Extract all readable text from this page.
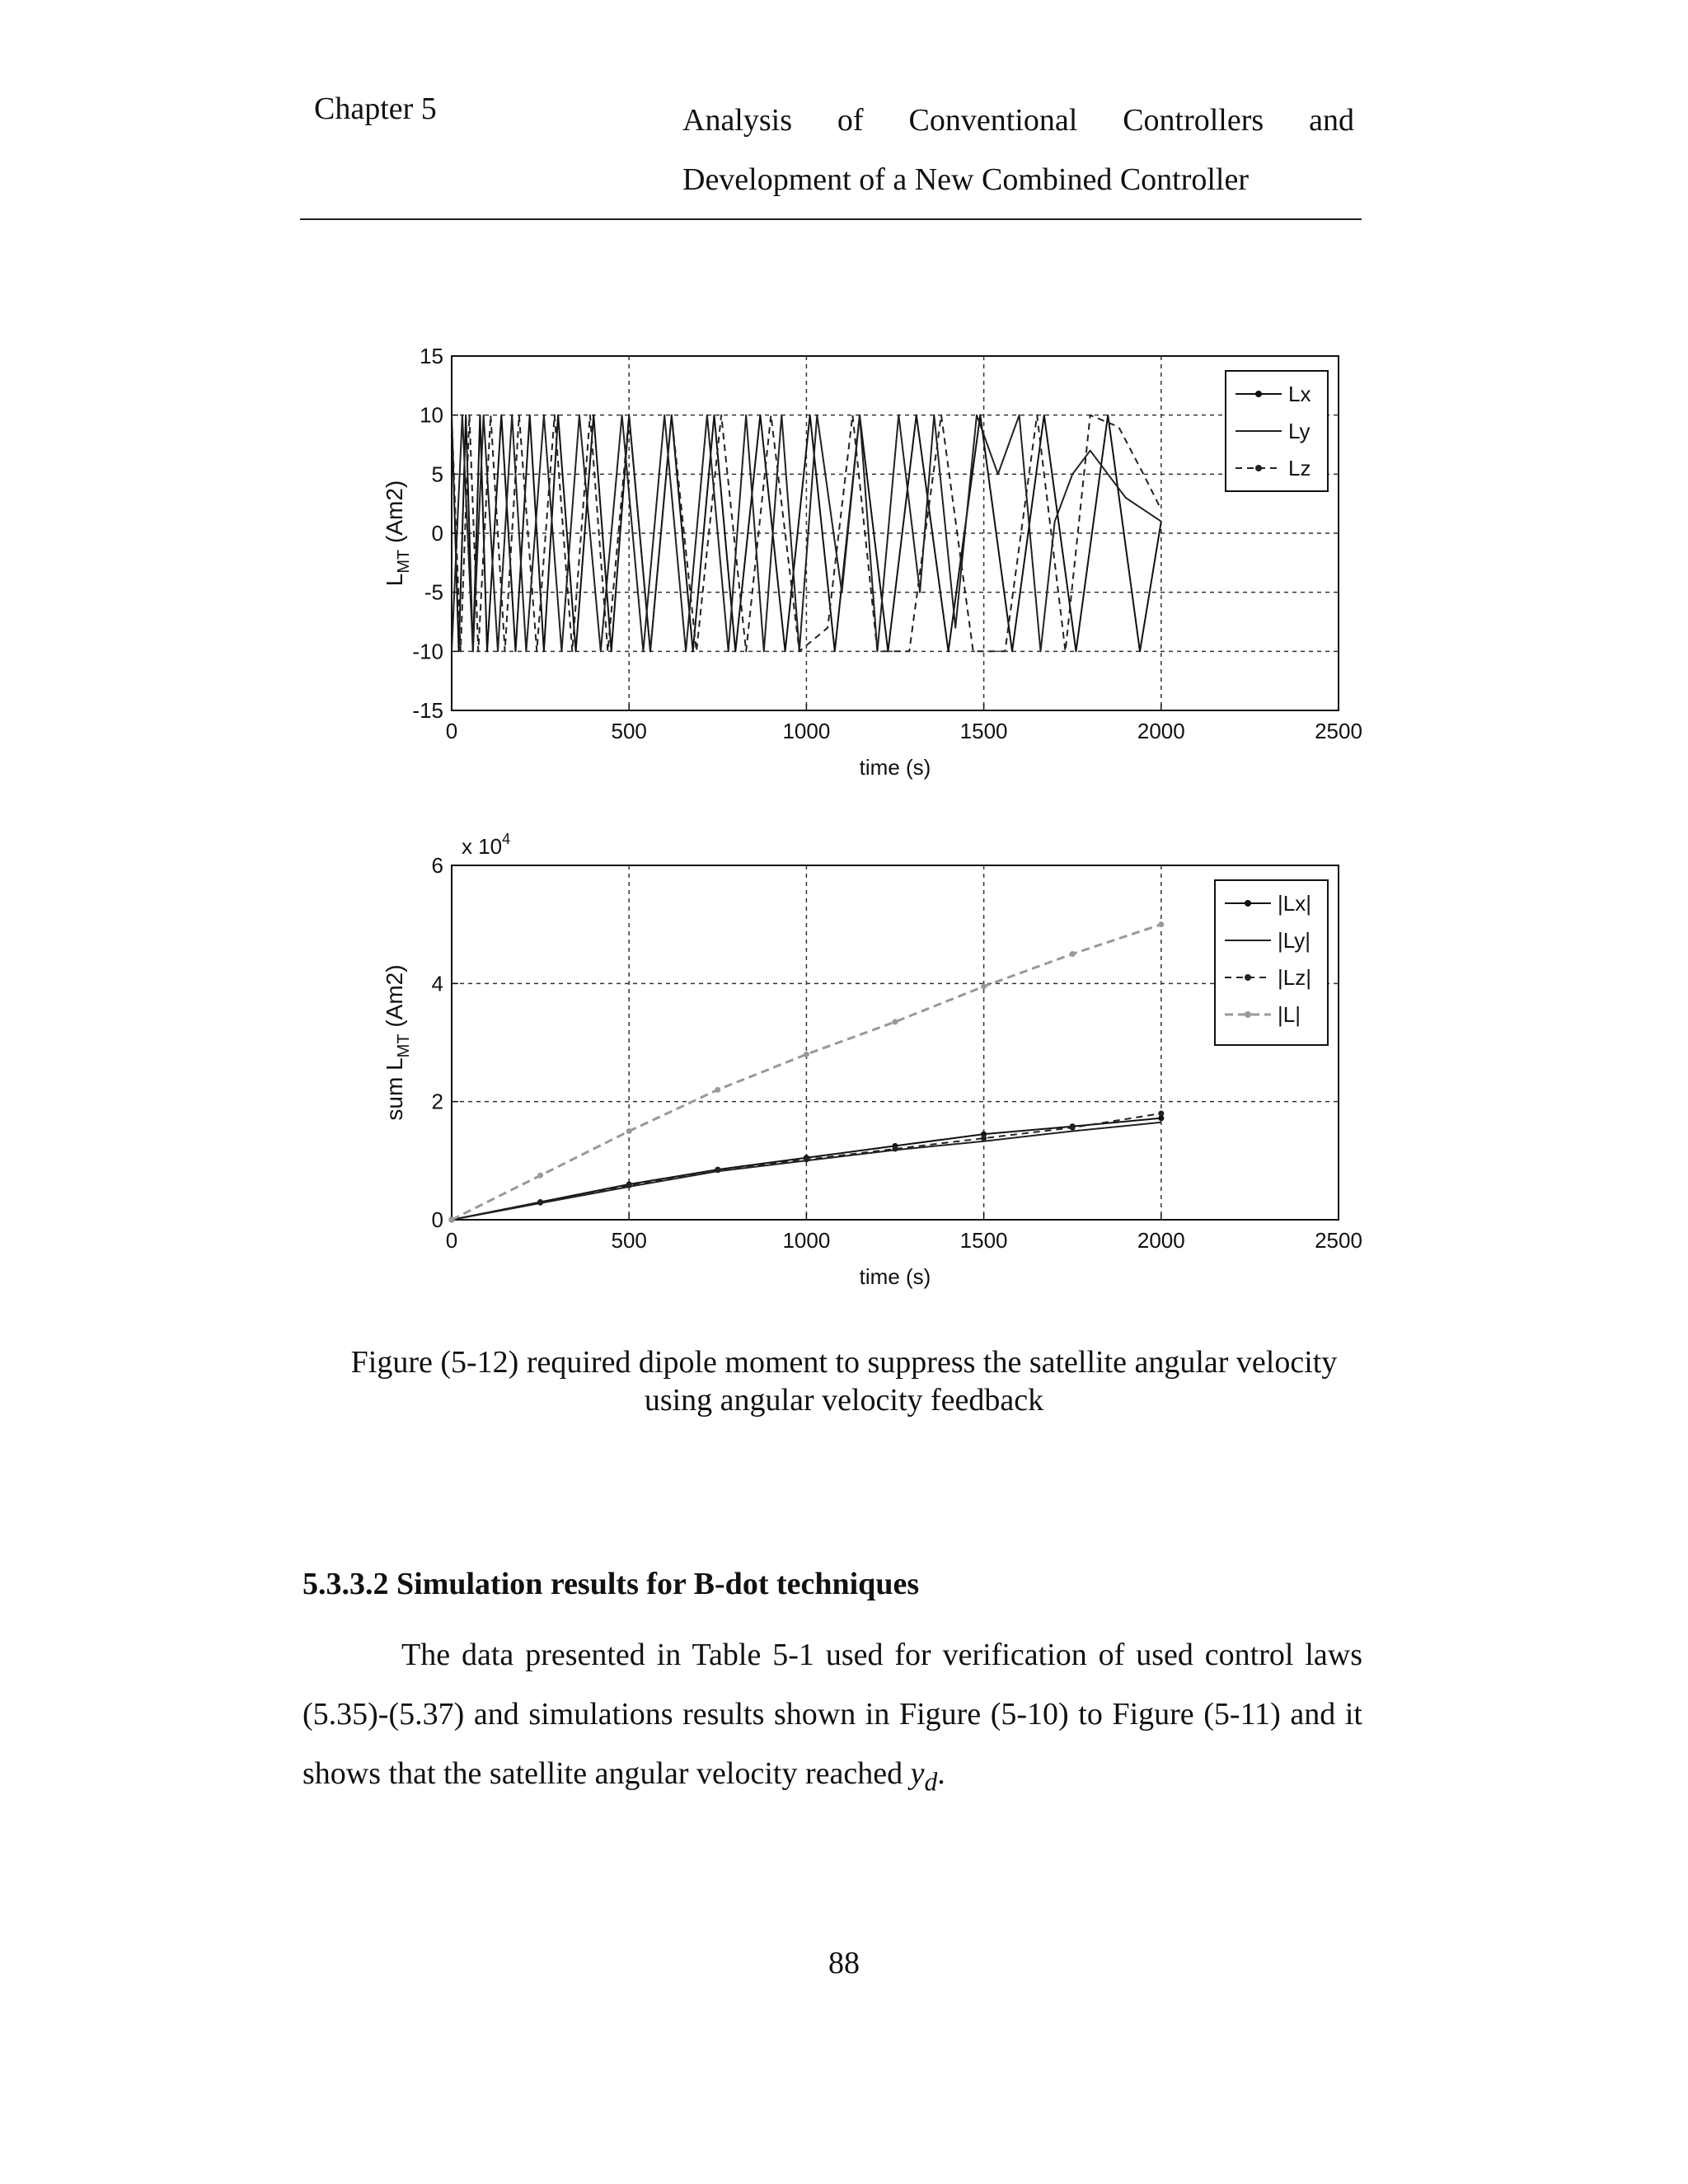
Chapter 5	Analysis of Conventional Controllers and
Development of a New Combined Controller
0	500	1000	1500	2000	2500
15
10
5
0
-5
-10
-15
time (s)
$L_{MT}$ (Am2)
Lx
Ly
Lz
0	500	1000	1500	2000	2500
6
4
2
0
time (s)
sum $L_{MT}$ (Am2)
x $10^4$
|Lx|
|Ly|
|Lz|
|L|
Figure (5-12) required dipole moment to suppress the satellite angular velocity
using angular velocity feedback
5.3.3.2 Simulation results for B-dot techniques

The data presented in Table 5-1 used for verification of used control laws (5.35)-(5.37) and simulations results shown in Figure (5-10) to Figure (5-11) and it shows that the satellite angular velocity reached $y_d$.

88
